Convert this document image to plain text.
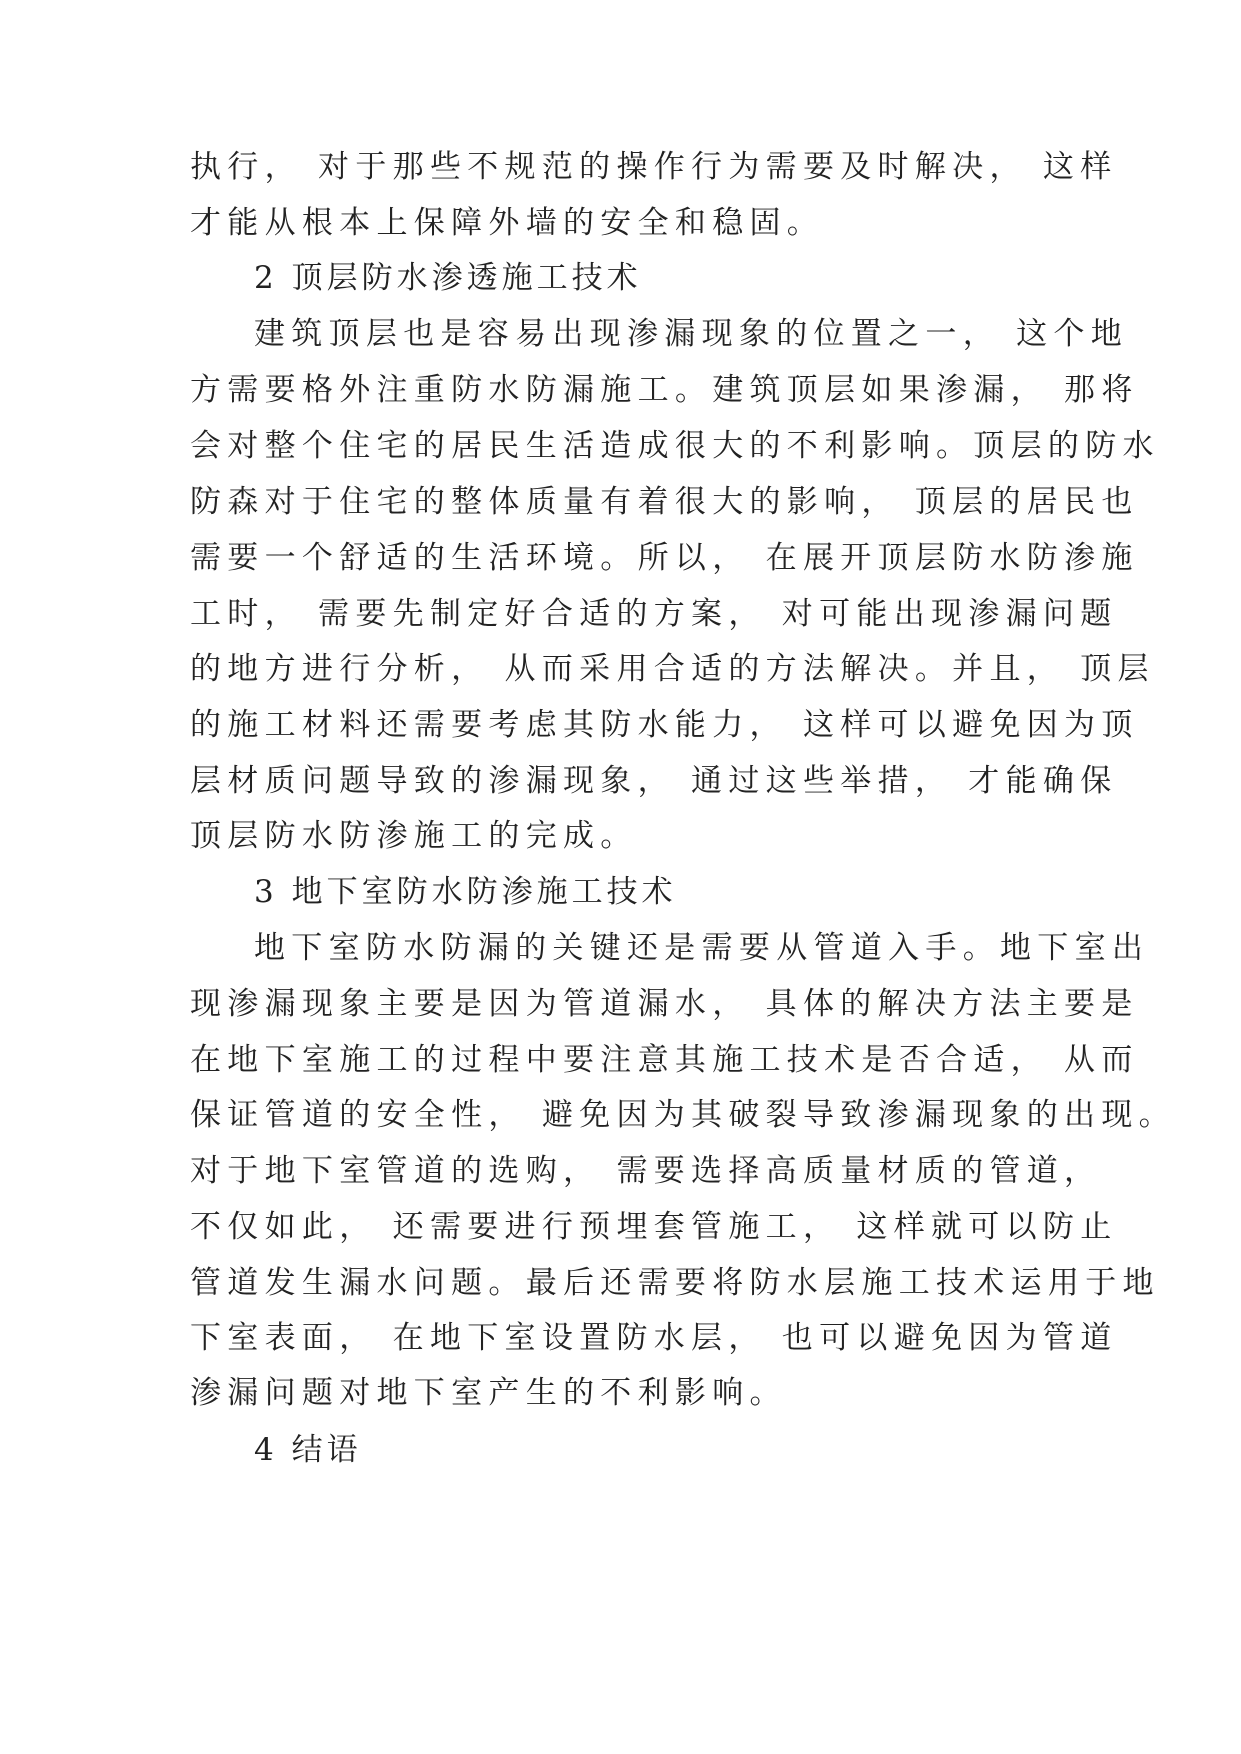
执行， 对于那些不规范的操作行为需要及时解决， 这样
才能从根本上保障外墙的安全和稳固。
2 顶层防水渗透施工技术
建筑顶层也是容易出现渗漏现象的位置之一， 这个地
方需要格外注重防水防漏施工。建筑顶层如果渗漏， 那将
会对整个住宅的居民生活造成很大的不利影响。顶层的防水
防森对于住宅的整体质量有着很大的影响， 顶层的居民也
需要一个舒适的生活环境。所以， 在展开顶层防水防渗施
工时， 需要先制定好合适的方案， 对可能出现渗漏问题
的地方进行分析， 从而采用合适的方法解决。并且， 顶层
的施工材料还需要考虑其防水能力， 这样可以避免因为顶
层材质问题导致的渗漏现象， 通过这些举措， 才能确保
顶层防水防渗施工的完成。
3 地下室防水防渗施工技术
地下室防水防漏的关键还是需要从管道入手。地下室出
现渗漏现象主要是因为管道漏水， 具体的解决方法主要是
在地下室施工的过程中要注意其施工技术是否合适， 从而
保证管道的安全性， 避免因为其破裂导致渗漏现象的出现。
对于地下室管道的选购， 需要选择高质量材质的管道，
不仅如此， 还需要进行预埋套管施工， 这样就可以防止
管道发生漏水问题。最后还需要将防水层施工技术运用于地
下室表面， 在地下室设置防水层， 也可以避免因为管道
渗漏问题对地下室产生的不利影响。
4 结语
